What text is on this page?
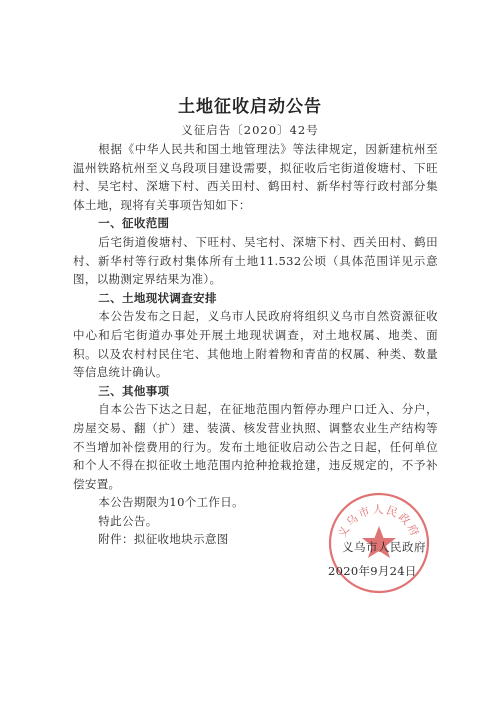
土地征收启动公告
义征启告〔2020〕42号

根据《中华人民共和国土地管理法》等法律规定，因新建杭州至温州铁路杭州至义乌段项目建设需要，拟征收后宅街道俊塘村、下旺村、吴宅村、深塘下村、西关田村、鹤田村、新华村等行政村部分集体土地，现将有关事项告知如下：

一、征收范围

后宅街道俊塘村、下旺村、吴宅村、深塘下村、西关田村、鹤田村、新华村等行政村集体所有土地11.532公顷（具体范围详见示意图，以勘测定界结果为准）。

二、土地现状调查安排

本公告发布之日起，义乌市人民政府将组织义乌市自然资源征收中心和后宅街道办事处开展土地现状调查，对土地权属、地类、面积。以及农村村民住宅、其他地上附着物和青苗的权属、种类、数量等信息统计确认。

三、其他事项

自本公告下达之日起，在征地范围内暂停办理户口迁入、分户，房屋交易、翻（扩）建、装潢、核发营业执照、调整农业生产结构等不当增加补偿费用的行为。发布土地征收启动公告之日起，任何单位和个人不得在拟征收土地范围内抢种抢栽抢建，违反规定的，不予补偿安置。

本公告期限为10个工作日。

特此公告。

附件：拟征收地块示意图	义乌市人民政府
义乌市人民政府
2020年9月24日
